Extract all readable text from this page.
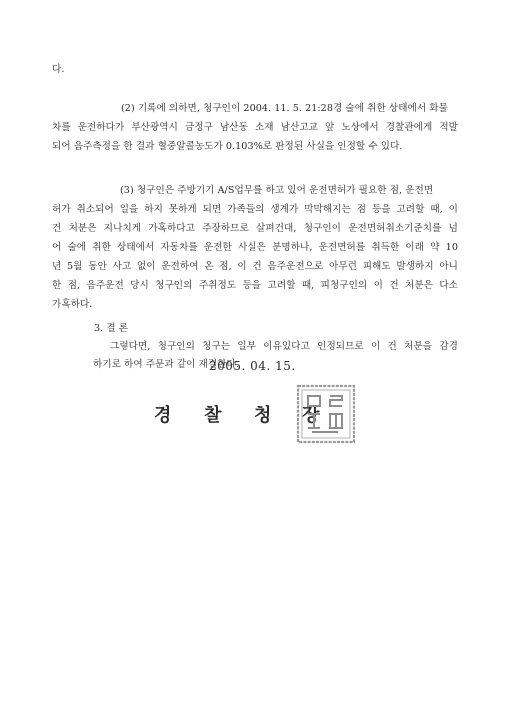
다.
(2) 기록에 의하면, 청구인이 2004. 11. 5. 21:28경 술에 취한 상태에서 화물
차를 운전하다가 부산광역시 금정구 남산동 소재 남산고교 앞 노상에서 경찰관에게 적발
되어 음주측정을 한 결과 혈중알콜농도가 0.103%로 판정된 사실을 인정할 수 있다.
(3) 청구인은 주방기기 A/S업무를 하고 있어 운전면허가 필요한 점, 운전면
허가 취소되어 일을 하지 못하게 되면 가족들의 생계가 막막해지는 점 등을 고려할 때, 이
건 처분은 지나치게 가혹하다고 주장하므로 살펴건대, 청구인이 운전면허취소기준치를 넘
어 술에 취한 상태에서 자동차를 운전한 사실은 분명하나, 운전면허를 취득한 이래 약 10
년 5월 동안 사고 없이 운전하여 온 점, 이 건 음주운전으로 아무런 피해도 발생하지 아니
한 점, 음주운전 당시 청구인의 주취정도 등을 고려할 때, 피청구인의 이 건 처분은 다소
가혹하다.
3. 결 론
그렇다면, 청구인의 청구는 일부 이유있다고 인정되므로 이 건 처분을 감경
하기로 하여 주문과 같이 재결한다.
2005. 04. 15.
경 찰 청 장
